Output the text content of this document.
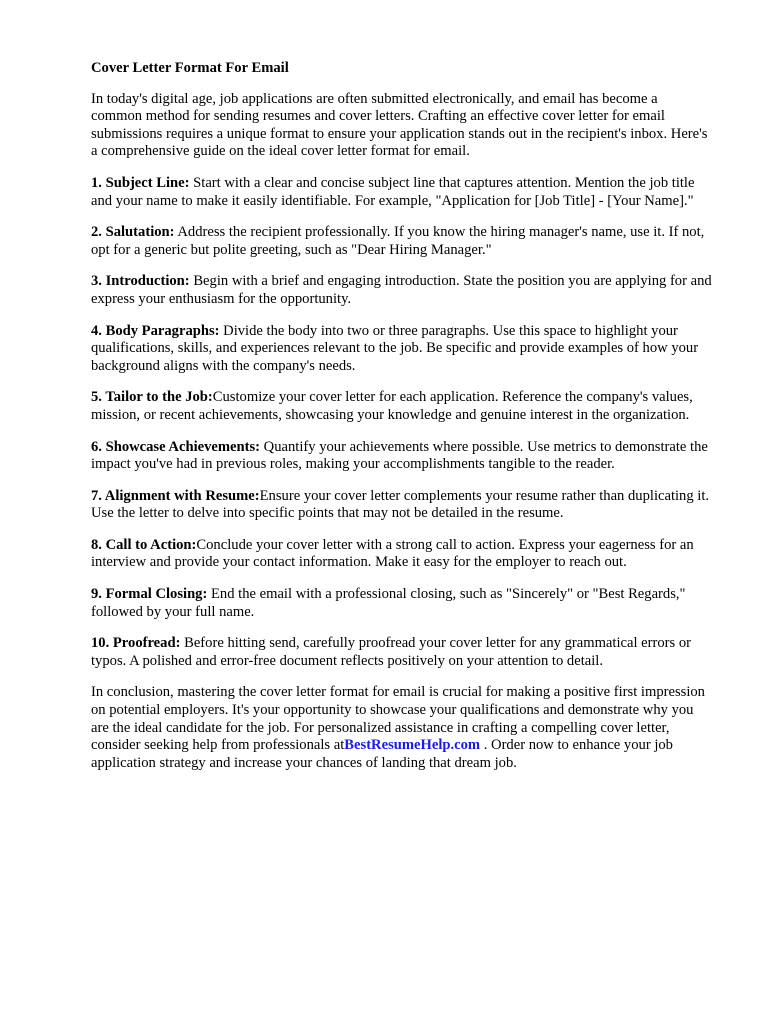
Cover Letter Format For Email

In today's digital age, job applications are often submitted electronically, and email has become a common method for sending resumes and cover letters. Crafting an effective cover letter for email submissions requires a unique format to ensure your application stands out in the recipient's inbox. Here's a comprehensive guide on the ideal cover letter format for email.

1. Subject Line: Start with a clear and concise subject line that captures attention. Mention the job title and your name to make it easily identifiable. For example, "Application for [Job Title] - [Your Name]."

2. Salutation: Address the recipient professionally. If you know the hiring manager's name, use it. If not, opt for a generic but polite greeting, such as "Dear Hiring Manager."

3. Introduction: Begin with a brief and engaging introduction. State the position you are applying for and express your enthusiasm for the opportunity.

4. Body Paragraphs: Divide the body into two or three paragraphs. Use this space to highlight your qualifications, skills, and experiences relevant to the job. Be specific and provide examples of how your background aligns with the company's needs.

5. Tailor to the Job:Customize your cover letter for each application. Reference the company's values, mission, or recent achievements, showcasing your knowledge and genuine interest in the organization.

6. Showcase Achievements: Quantify your achievements where possible. Use metrics to demonstrate the impact you've had in previous roles, making your accomplishments tangible to the reader.

7. Alignment with Resume:Ensure your cover letter complements your resume rather than duplicating it. Use the letter to delve into specific points that may not be detailed in the resume.

8. Call to Action:Conclude your cover letter with a strong call to action. Express your eagerness for an interview and provide your contact information. Make it easy for the employer to reach out.

9. Formal Closing: End the email with a professional closing, such as "Sincerely" or "Best Regards," followed by your full name.

10. Proofread: Before hitting send, carefully proofread your cover letter for any grammatical errors or typos. A polished and error-free document reflects positively on your attention to detail.

In conclusion, mastering the cover letter format for email is crucial for making a positive first impression on potential employers. It's your opportunity to showcase your qualifications and demonstrate why you are the ideal candidate for the job. For personalized assistance in crafting a compelling cover letter, consider seeking help from professionals atBestResumeHelp.com . Order now to enhance your job application strategy and increase your chances of landing that dream job.
